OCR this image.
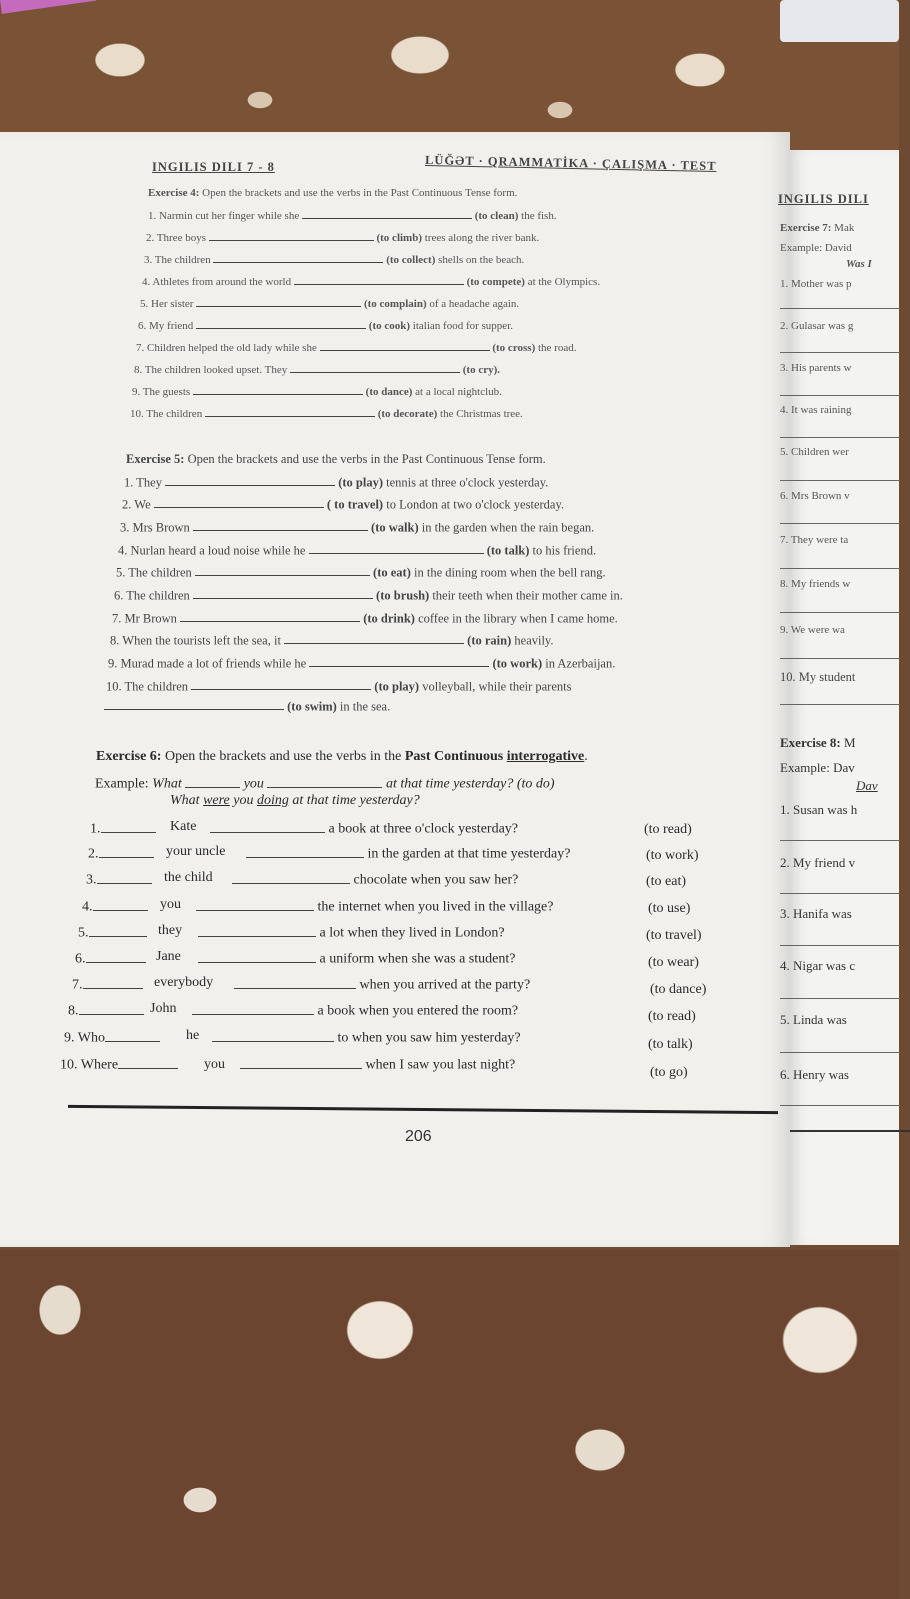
INGILIS DILI 7 - 8	LÜĞƏT · QRAMMATİKA · ÇALIŞMA · TEST
Exercise 4: Open the brackets and use the verbs in the Past Continuous Tense form.
1. Narmin cut her finger while she	(to clean) the fish.
2. Three boys	(to climb) trees along the river bank.
3. The children	(to collect) shells on the beach.
4. Athletes from around the world	(to compete) at the Olympics.
5. Her sister	(to complain) of a headache again.
6. My friend	(to cook) italian food for supper.
7. Children helped the old lady while she	(to cross) the road.
8. The children looked upset. They	(to cry).
9. The guests	(to dance) at a local nightclub.
10. The children	(to decorate) the Christmas tree.
Exercise 5: Open the brackets and use the verbs in the Past Continuous Tense form.
1. They	(to play) tennis at three o'clock yesterday.
2. We	( to travel) to London at two o'clock yesterday.
3. Mrs Brown	(to walk) in the garden when the rain began.
4. Nurlan heard a loud noise while he	(to talk) to his friend.
5. The children	(to eat) in the dining room when the bell rang.
6. The children	(to brush) their teeth when their mother came in.
7. Mr Brown	(to drink) coffee in the library when I came home.
8. When the tourists left the sea, it	(to rain) heavily.
9. Murad made a lot of friends while he	(to work) in Azerbaijan.
10. The children	(to play) volleyball, while their parents
(to swim) in the sea.
Exercise 6: Open the brackets and use the verbs in the Past Continuous interrogative.
Example: What	you	at that time yesterday? (to do)
What were you doing at that time yesterday?
1.	Kate	a book at three o'clock yesterday?	(to read)
2.	your uncle	in the garden at that time yesterday?	(to work)
3.	the child	chocolate when you saw her?	(to eat)
4.	you	the internet when you lived in the village?	(to use)
5.	they	a lot when they lived in London?	(to travel)
6.	Jane	a uniform when she was a student?	(to wear)
7.	everybody	when you arrived at the party?	(to dance)
8.	John	a book when you entered the room?	(to read)
9. Who	he	to when you saw him yesterday?	(to talk)
10. Where	you	when I saw you last night?	(to go)
206
INGILIS DILI
Exercise 7: Mak
Example: David
Was I
1. Mother was p
2. Gulasar was g
3. His parents w
4. It was raining
5. Children wer
6. Mrs Brown v
7. They were ta
8. My friends w
9. We were wa
10. My student
Exercise 8: M
Example: Dav
Dav
1. Susan was h
2. My friend v
3. Hanifa was
4. Nigar was c
5. Linda was
6. Henry was
